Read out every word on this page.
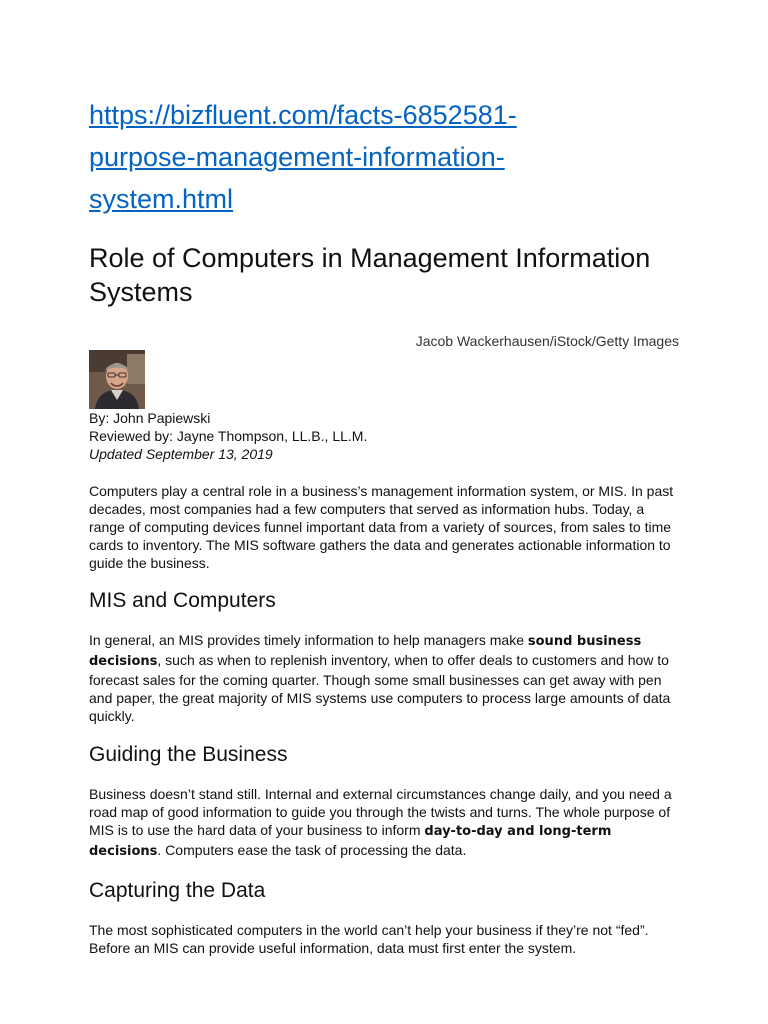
https://bizfluent.com/facts-6852581-
purpose-management-information-
system.html
Role of Computers in Management Information Systems

Jacob Wackerhausen/iStock/Getty Images

By: John Papiewski

Reviewed by: Jayne Thompson, LL.B., LL.M.

Updated September 13, 2019

Computers play a central role in a business’s management information system, or MIS. In past decades, most companies had a few computers that served as information hubs. Today, a range of computing devices funnel important data from a variety of sources, from sales to time cards to inventory. The MIS software gathers the data and generates actionable information to guide the business.

MIS and Computers

In general, an MIS provides timely information to help managers make sound business decisions, such as when to replenish inventory, when to offer deals to customers and how to forecast sales for the coming quarter. Though some small businesses can get away with pen and paper, the great majority of MIS systems use computers to process large amounts of data quickly.

Guiding the Business

Business doesn’t stand still. Internal and external circumstances change daily, and you need a road map of good information to guide you through the twists and turns. The whole purpose of MIS is to use the hard data of your business to inform day-to-day and long-term decisions. Computers ease the task of processing the data.

Capturing the Data

The most sophisticated computers in the world can’t help your business if they’re not “fed”. Before an MIS can provide useful information, data must first enter the system.
